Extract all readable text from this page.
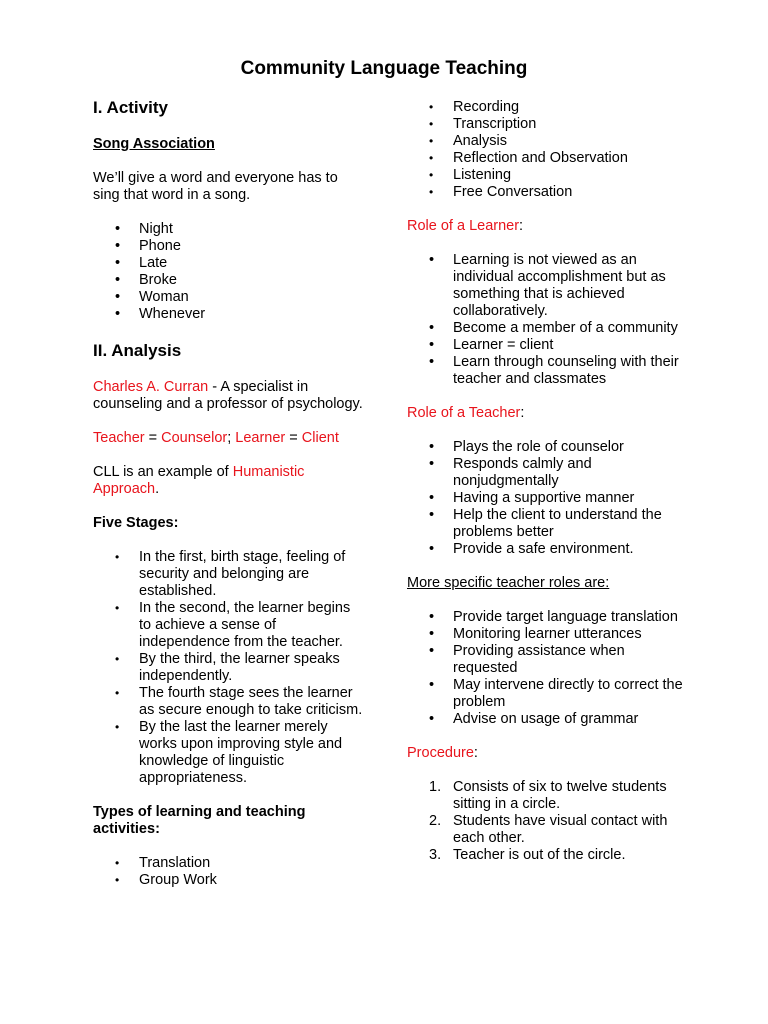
Community Language Teaching
I. Activity

Song Association

We’ll give a word and everyone has to sing that word in a song.

•
Night
•
Phone
•
Late
•
Broke
•
Woman
•
Whenever
II. Analysis

Charles A. Curran - A specialist in counseling and a professor of psychology.

Teacher = Counselor; Learner = Client

CLL is an example of Humanistic Approach.

Five Stages:

•
In the first, birth stage, feeling of security and belonging are established.
•
In the second, the learner begins to achieve a sense of independence from the teacher.
•
By the third, the learner speaks independently.
•
The fourth stage sees the learner as secure enough to take criticism.
•
By the last the learner merely works upon improving style and knowledge of linguistic appropriateness.

Types of learning and teaching activities:

•
Translation
•
Group Work
•
Recording
•
Transcription
•
Analysis
•
Reflection and Observation
•
Listening
•
Free Conversation

Role of a Learner:

•
Learning is not viewed as an individual accomplishment but as something that is achieved collaboratively.
•
Become a member of a community
•
Learner = client
•
Learn through counseling with their teacher and classmates

Role of a Teacher:

•
Plays the role of counselor
•
Responds calmly and nonjudgmentally
•
Having a supportive manner
•
Help the client to understand the problems better
•
Provide a safe environment.

More specific teacher roles are:

•
Provide target language translation
•
Monitoring learner utterances
•
Providing assistance when requested
•
May intervene directly to correct the problem
•
Advise on usage of grammar

Procedure:

1. Consists of six to twelve students sitting in a circle.
2. Students have visual contact with each other.
3. Teacher is out of the circle.
